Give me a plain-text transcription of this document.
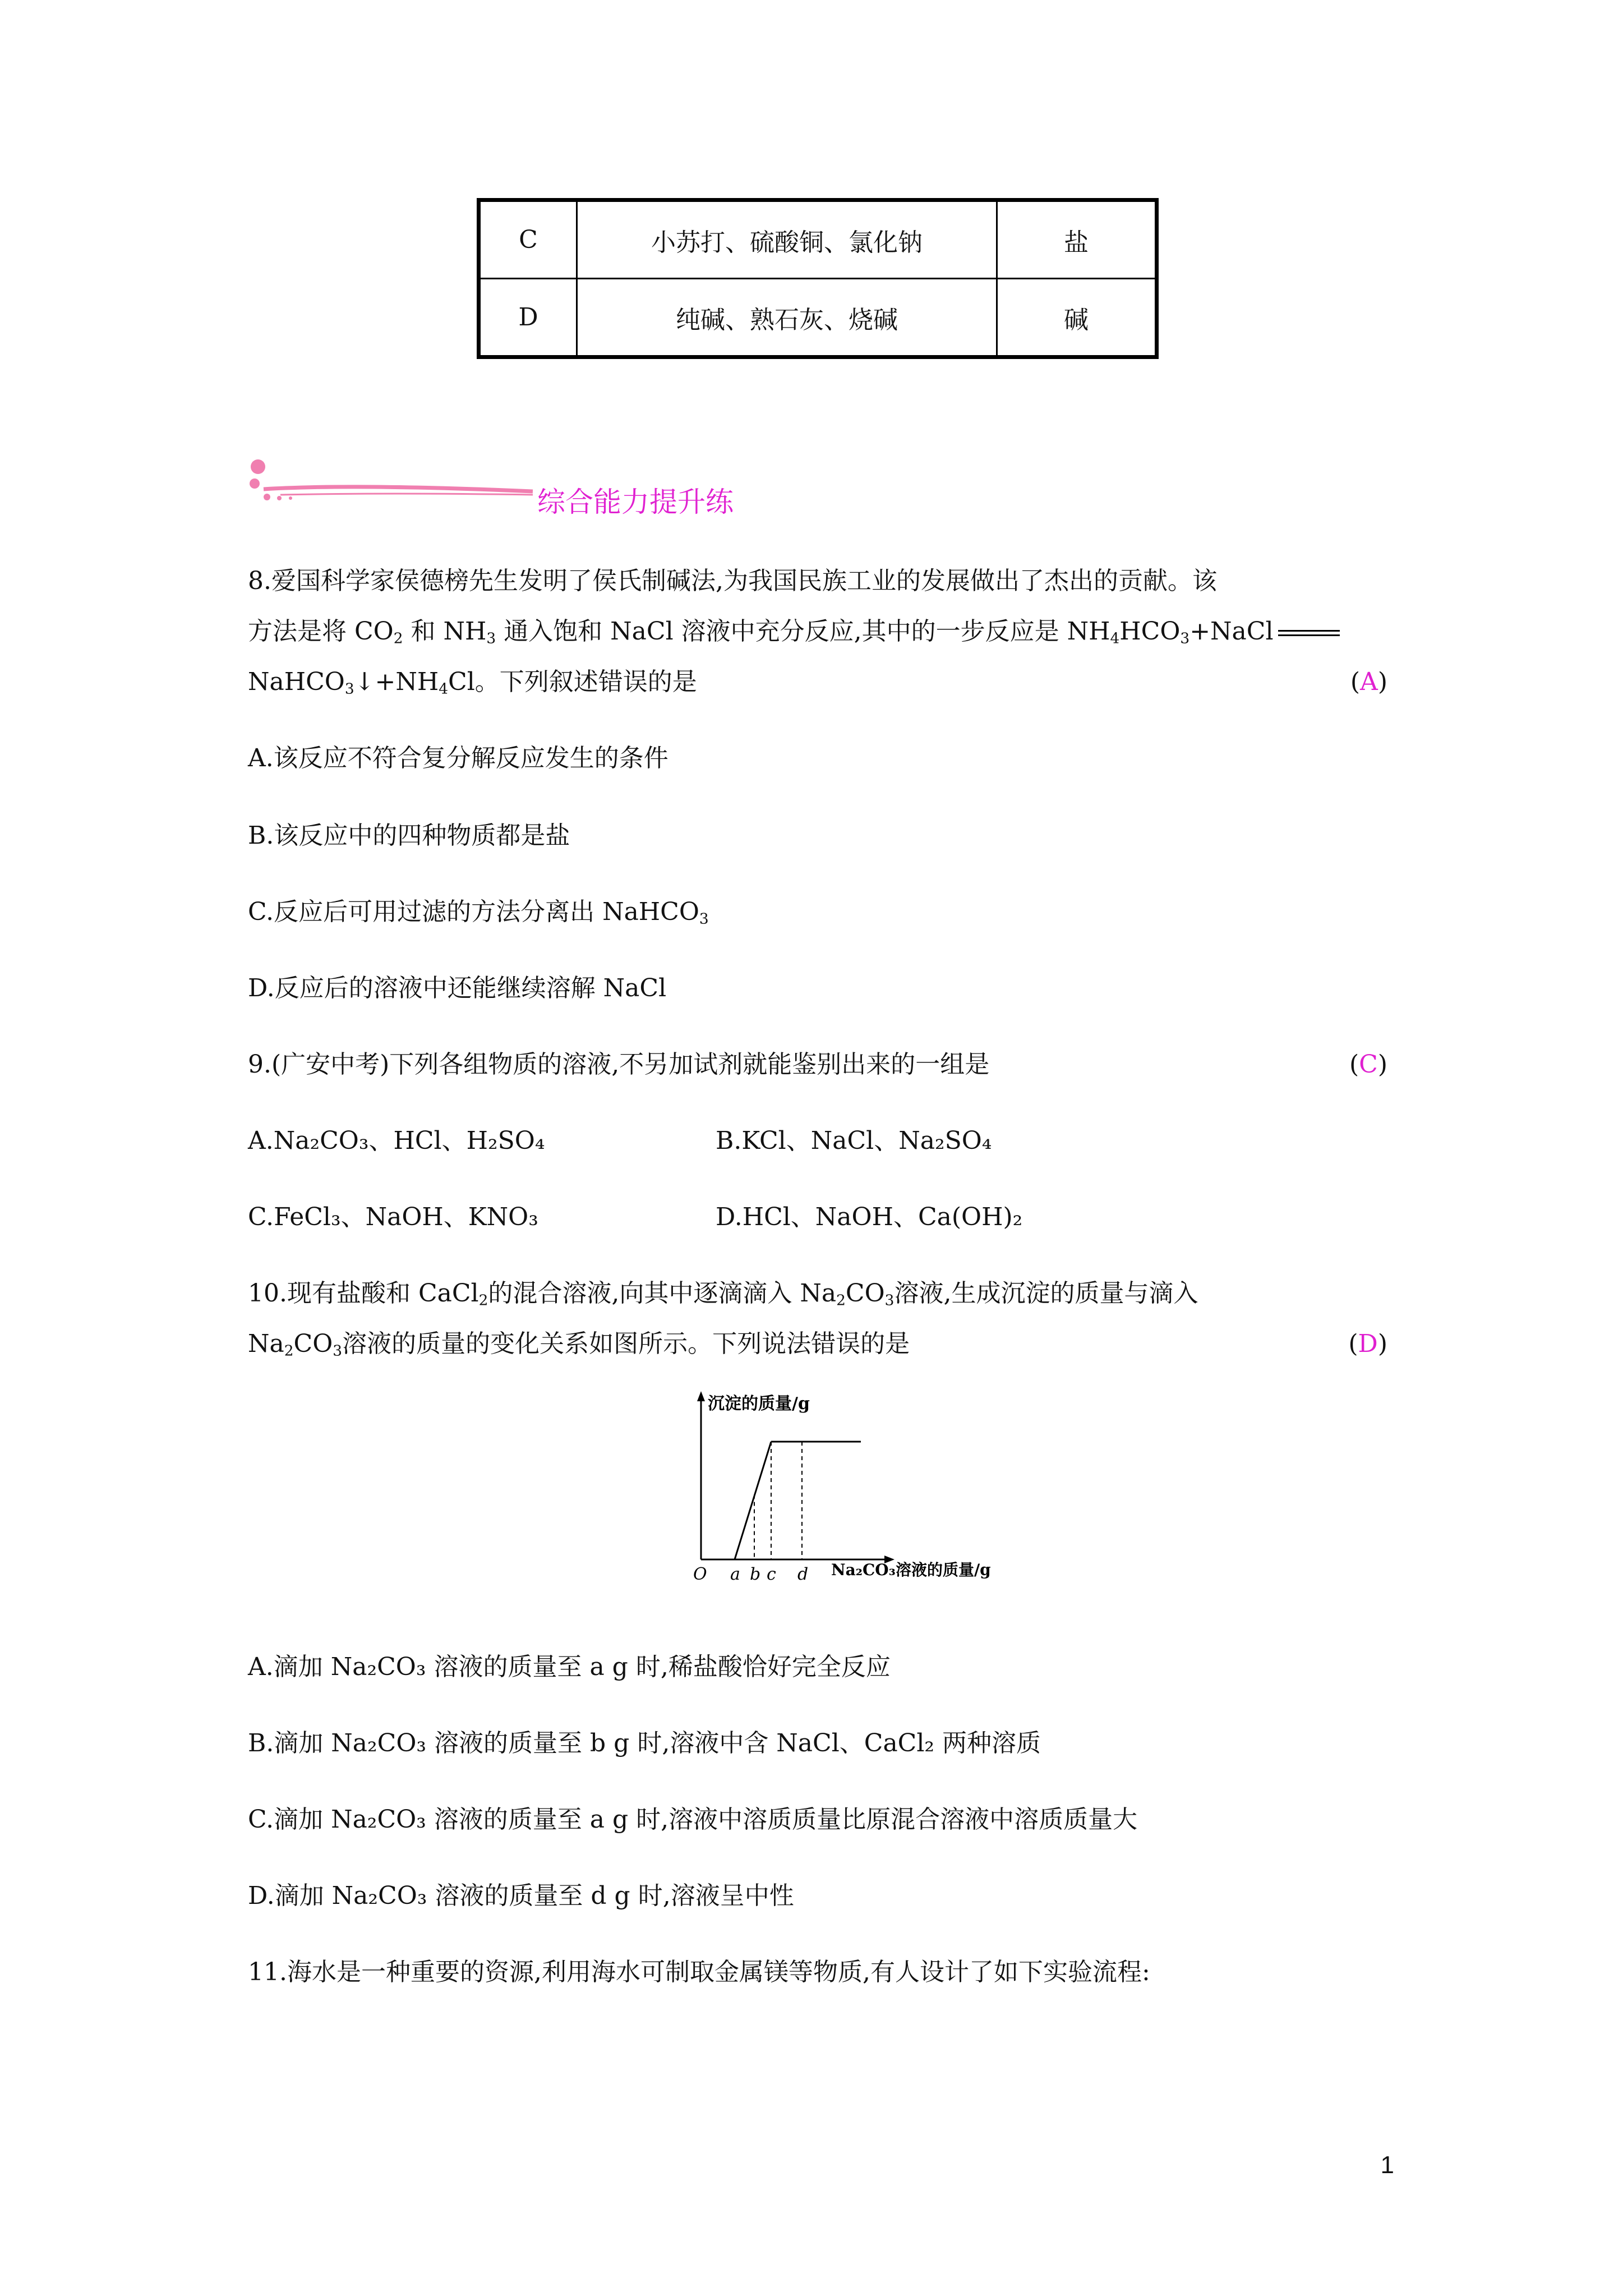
C	小苏打、硫酸铜、氯化钠	盐
D	纯碱、熟石灰、烧碱	碱
综合能力提升练
8.爱国科学家侯德榜先生发明了侯氏制碱法,为我国民族工业的发展做出了杰出的贡献。该
方法是将 $CO_2$ 和 $NH_3$ 通入饱和 NaCl 溶液中充分反应,其中的一步反应是 $NH_4HCO_3+NaCl$
$NaHCO_3↓+NH_4Cl$。下列叙述错误的是	(A)
A.该反应不符合复分解反应发生的条件
B.该反应中的四种物质都是盐
C.反应后可用过滤的方法分离出 NaHCO$_3$
D.反应后的溶液中还能继续溶解 NaCl
9.(广安中考)下列各组物质的溶液,不另加试剂就能鉴别出来的一组是	(C)
A.Na₂CO₃、HCl、H₂SO₄	B.KCl、NaCl、Na₂SO₄
C.FeCl₃、NaOH、KNO₃	D.HCl、NaOH、Ca(OH)₂
10.现有盐酸和 CaCl$_2$的混合溶液,向其中逐滴滴入 $Na_2CO_3$溶液,生成沉淀的质量与滴入
$Na_2CO_3$溶液的质量的变化关系如图所示。下列说法错误的是	(D)
沉淀的质量/g
O a b c d Na₂CO₃溶液的质量/g
A.滴加 Na₂CO₃ 溶液的质量至 a g 时,稀盐酸恰好完全反应
B.滴加 Na₂CO₃ 溶液的质量至 b g 时,溶液中含 NaCl、CaCl₂ 两种溶质
C.滴加 Na₂CO₃ 溶液的质量至 a g 时,溶液中溶质质量比原混合溶液中溶质质量大
D.滴加 Na₂CO₃ 溶液的质量至 d g 时,溶液呈中性
11.海水是一种重要的资源,利用海水可制取金属镁等物质,有人设计了如下实验流程:
1
